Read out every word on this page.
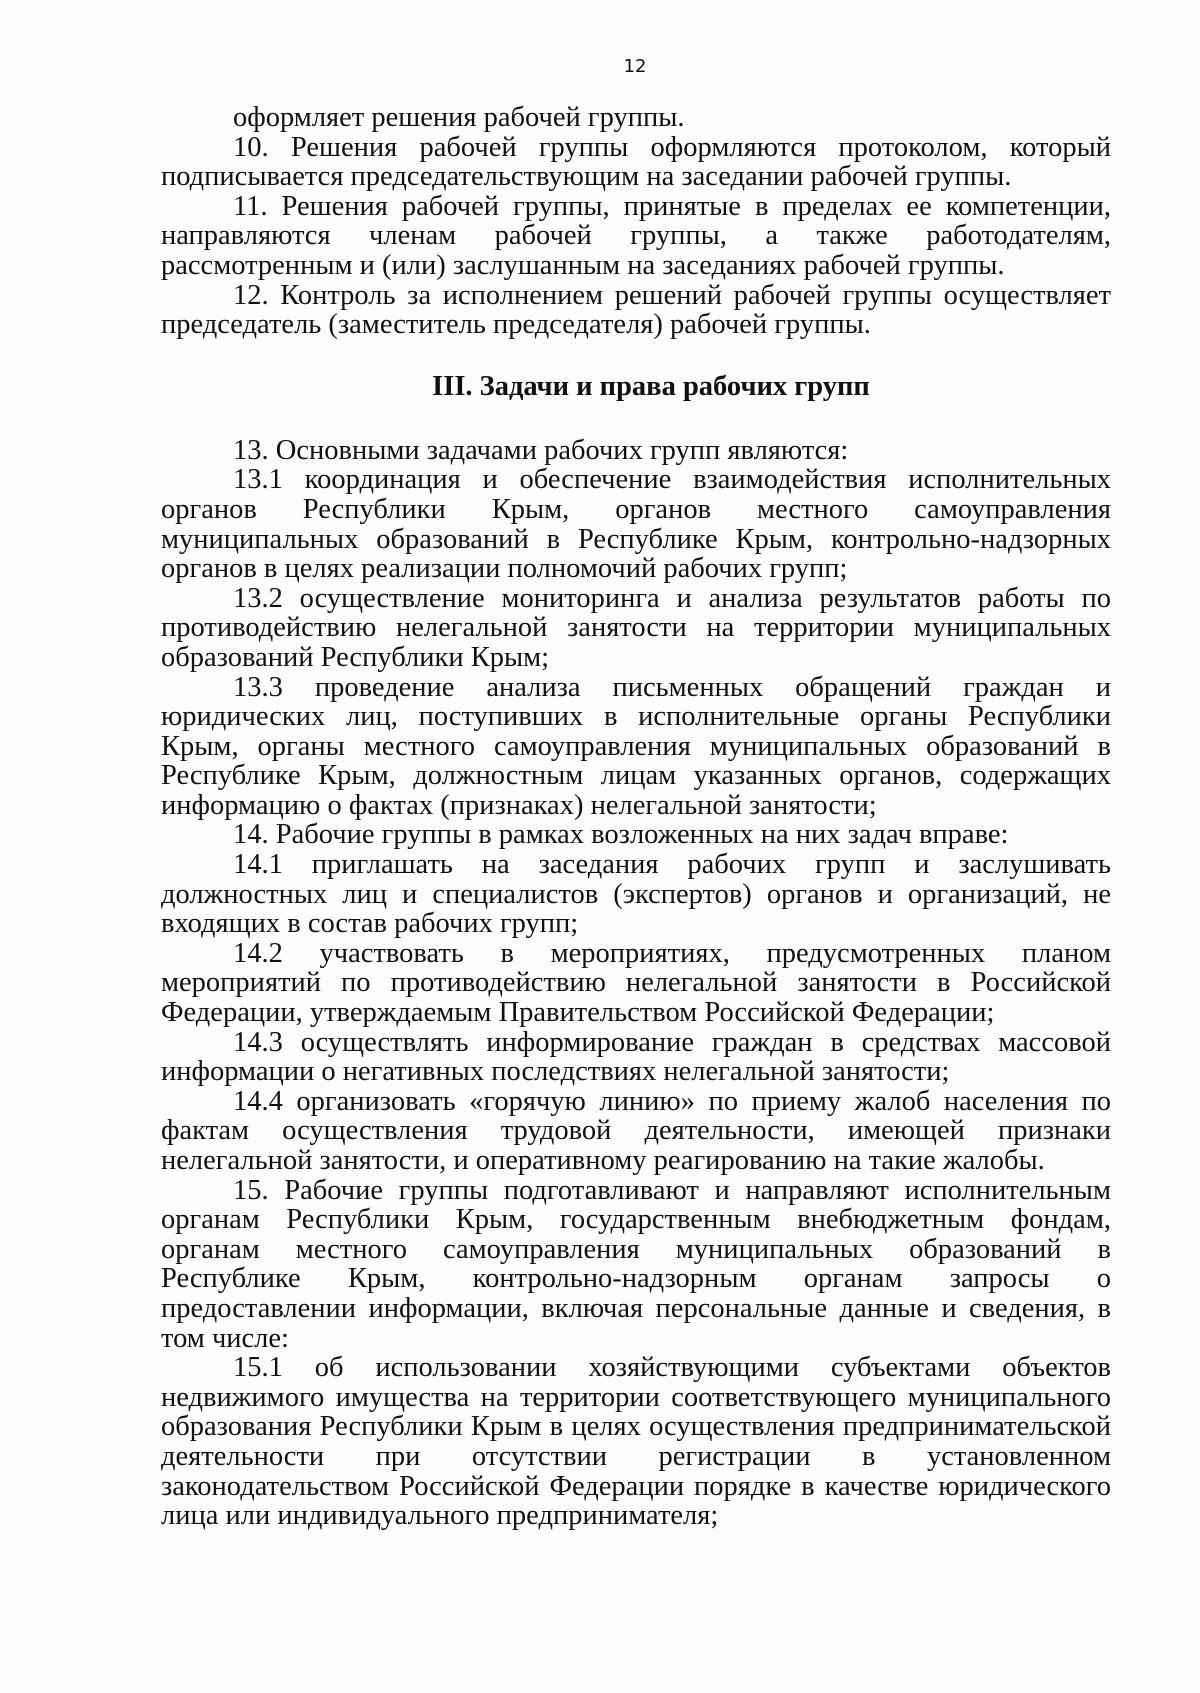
12

оформляет решения рабочей группы.

10. Решения рабочей группы оформляются протоколом, который подписывается председательствующим на заседании рабочей группы.

11. Решения рабочей группы, принятые в пределах ее компетенции, направляются членам рабочей группы, а также работодателям, рассмотренным и (или) заслушанным на заседаниях рабочей группы.

12. Контроль за исполнением решений рабочей группы осуществляет председатель (заместитель председателя) рабочей группы.

III. Задачи и права рабочих групп

13. Основными задачами рабочих групп являются:

13.1 координация и обеспечение взаимодействия исполнительных органов Республики Крым, органов местного самоуправления муниципальных образований в Республике Крым, контрольно-надзорных органов в целях реализации полномочий рабочих групп;

13.2 осуществление мониторинга и анализа результатов работы по противодействию нелегальной занятости на территории муниципальных образований Республики Крым;

13.3 проведение анализа письменных обращений граждан и юридических лиц, поступивших в исполнительные органы Республики Крым, органы местного самоуправления муниципальных образований в Республике Крым, должностным лицам указанных органов, содержащих информацию о фактах (признаках) нелегальной занятости;

14. Рабочие группы в рамках возложенных на них задач вправе:

14.1 приглашать на заседания рабочих групп и заслушивать должностных лиц и специалистов (экспертов) органов и организаций, не входящих в состав рабочих групп;

14.2 участвовать в мероприятиях, предусмотренных планом мероприятий по противодействию нелегальной занятости в Российской Федерации, утверждаемым Правительством Российской Федерации;

14.3 осуществлять информирование граждан в средствах массовой информации о негативных последствиях нелегальной занятости;

14.4 организовать «горячую линию» по приему жалоб населения по фактам осуществления трудовой деятельности, имеющей признаки нелегальной занятости, и оперативному реагированию на такие жалобы.

15. Рабочие группы подготавливают и направляют исполнительным органам Республики Крым, государственным внебюджетным фондам, органам местного самоуправления муниципальных образований в Республике Крым, контрольно-надзорным органам запросы о предоставлении информации, включая персональные данные и сведения, в том числе:

15.1 об использовании хозяйствующими субъектами объектов недвижимого имущества на территории соответствующего муниципального образования Республики Крым в целях осуществления предпринимательской деятельности при отсутствии регистрации в установленном законодательством Российской Федерации порядке в качестве юридического лица или индивидуального предпринимателя;
